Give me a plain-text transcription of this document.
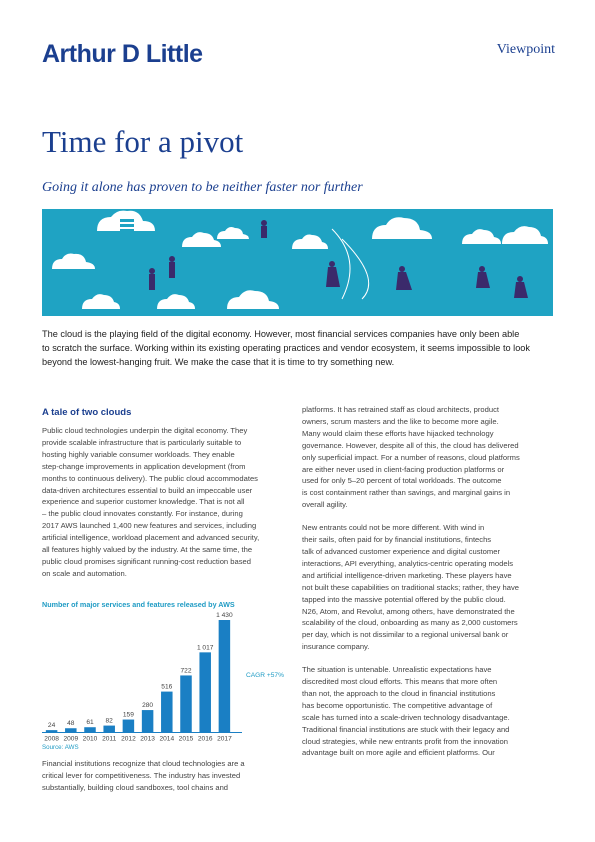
Arthur D Little	Viewpoint
Time for a pivot
Going it alone has proven to be neither faster nor further
The cloud is the playing field of the digital economy. However, most financial services companies have only been able
to scratch the surface. Working within its existing operating practices and vendor ecosystem, it seems impossible to look
beyond the lowest-hanging fruit. We make the case that it is time to try something new.
A tale of two clouds
Public cloud technologies underpin the digital economy. They
provide scalable infrastructure that is particularly suitable to
hosting highly variable consumer workloads. They enable
step-change improvements in application development (from
months to continuous delivery). The public cloud accommodates
data-driven architectures essential to build an impeccable user
experience and superior customer knowledge. That is not all
– the public cloud innovates constantly. For instance, during
2017 AWS launched 1,400 new features and services, including
artificial intelligence, workload placement and advanced security,
all features highly valued by the industry. At the same time, the
public cloud promises significant running-cost reduction based
on scale and automation.
Number of major services and features released by AWS
24
2008
48
2009
61
2010
82
2011
159
2012
280
2013
516
2014
722
2015
1 017
2016
1 430
2017
CAGR +57%
Source: AWS
Financial institutions recognize that cloud technologies are a
critical lever for competitiveness. The industry has invested
substantially, building cloud sandboxes, tool chains and
platforms. It has retrained staff as cloud architects, product
owners, scrum masters and the like to become more agile.
Many would claim these efforts have hijacked technology
governance. However, despite all of this, the cloud has delivered
only superficial impact. For a number of reasons, cloud platforms
are either never used in client-facing production platforms or
used for only 5–20 percent of total workloads. The outcome
is cost containment rather than savings, and marginal gains in
overall agility.
New entrants could not be more different. With wind in
their sails, often paid for by financial institutions, fintechs
talk of advanced customer experience and digital customer
interactions, API everything, analytics-centric operating models
and artificial intelligence-driven marketing. These players have
not built these capabilities on traditional stacks; rather, they have
tapped into the massive potential offered by the public cloud.
N26, Atom, and Revolut, among others, have demonstrated the
scalability of the cloud, onboarding as many as 2,000 customers
per day, which is not dissimilar to a regional universal bank or
insurance company.
The situation is untenable. Unrealistic expectations have
discredited most cloud efforts. This means that more often
than not, the approach to the cloud in financial institutions
has become opportunistic. The competitive advantage of
scale has turned into a scale-driven technology disadvantage.
Traditional financial institutions are stuck with their legacy and
cloud strategies, while new entrants profit from the innovation
advantage built on more agile and efficient platforms. Our
